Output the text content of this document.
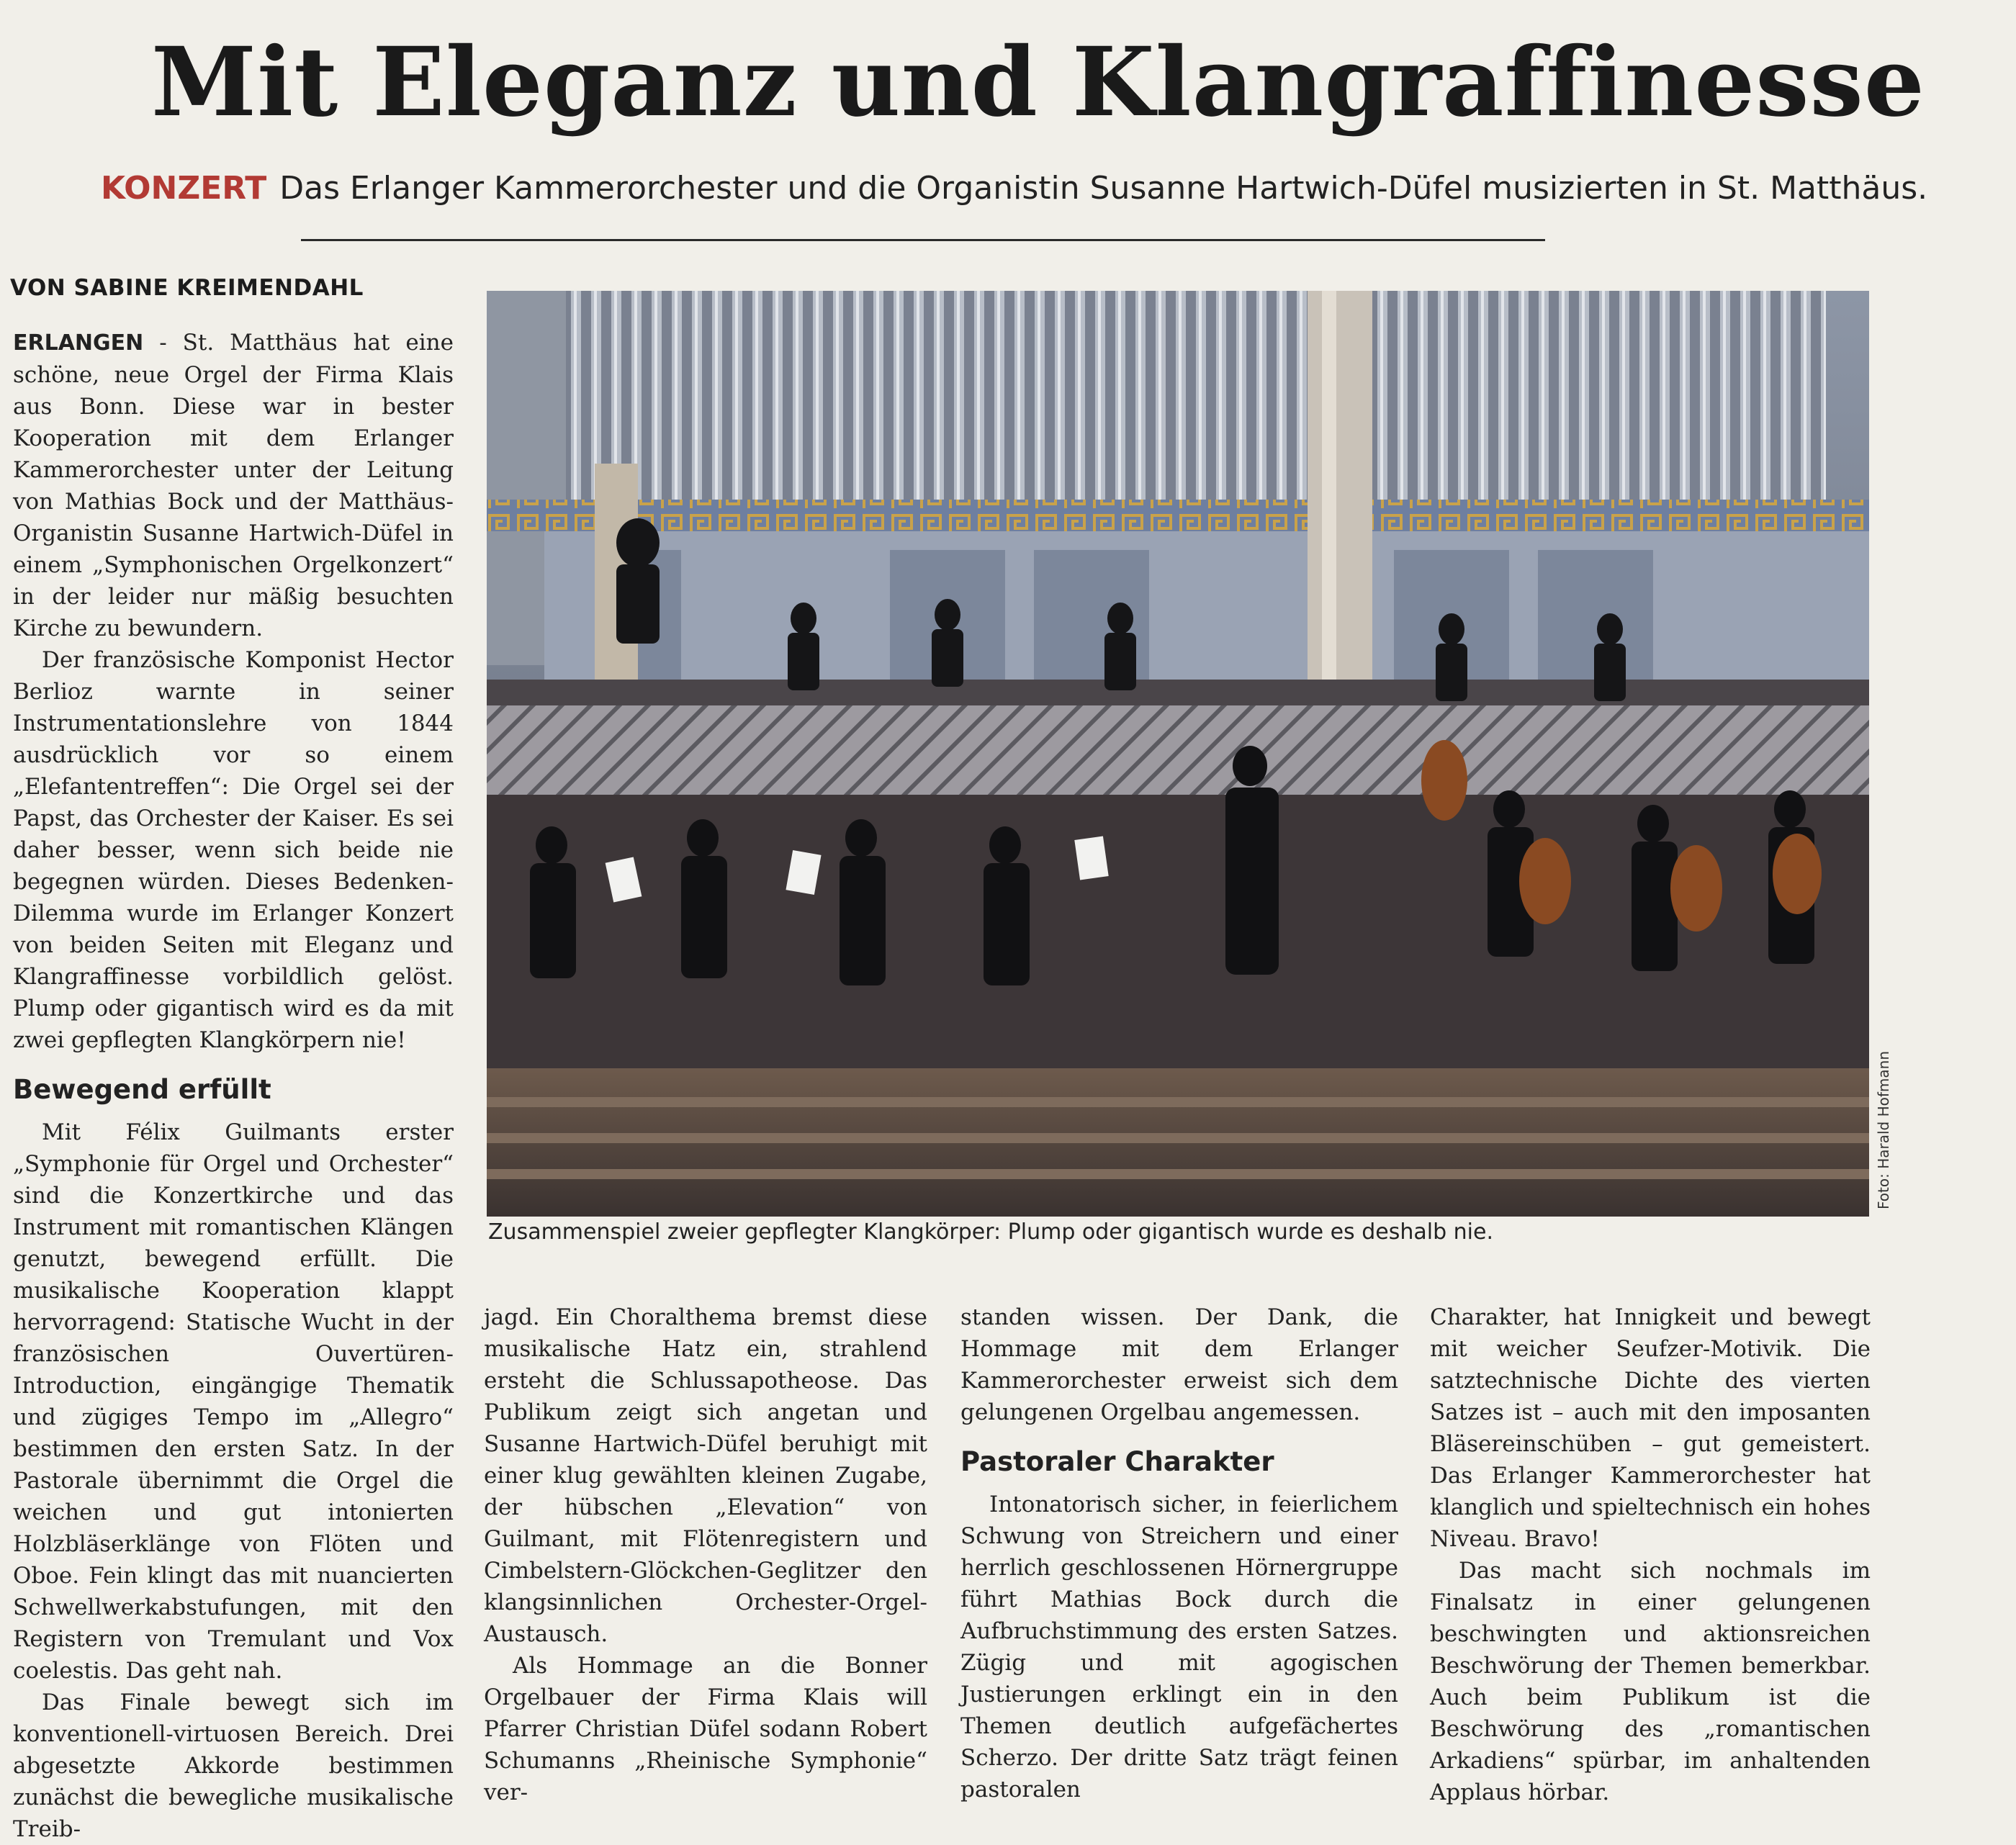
Mit Eleganz und Klangraffinesse
KONZERT Das Erlanger Kammerorchester und die Organistin Susanne Hartwich-Düfel musizierten in St. Matthäus.
VON SABINE KREIMENDAHL

ERLANGEN - St. Matthäus hat eine schöne, neue Orgel der Firma Klais aus Bonn. Diese war in bester Kooperation mit dem Erlanger Kammerorchester unter der Leitung von Mathias Bock und der Matthäus-Organistin Susanne Hartwich-Düfel in einem „Symphonischen Orgelkonzert“ in der leider nur mäßig besuchten Kirche zu bewundern.

Der französische Komponist Hector Berlioz warnte in seiner Instrumentationslehre von 1844 ausdrücklich vor so einem „Elefantentreffen“: Die Orgel sei der Papst, das Orchester der Kaiser. Es sei daher besser, wenn sich beide nie begegnen würden. Dieses Bedenken-Dilemma wurde im Erlanger Konzert von beiden Seiten mit Eleganz und Klangraffinesse vorbildlich gelöst. Plump oder gigantisch wird es da mit zwei gepflegten Klangkörpern nie!

Bewegend erfüllt

Mit Félix Guilmants erster „Symphonie für Orgel und Orchester“ sind die Konzertkirche und das Instrument mit romantischen Klängen genutzt, bewegend erfüllt. Die musikalische Kooperation klappt hervorragend: Statische Wucht in der französischen Ouvertüren-Introduction, eingängige Thematik und zügiges Tempo im „Allegro“ bestimmen den ersten Satz. In der Pastorale übernimmt die Orgel die weichen und gut intonierten Holzbläserklänge von Flöten und Oboe. Fein klingt das mit nuancierten Schwellwerkabstufungen, mit den Registern von Tremulant und Vox coelestis. Das geht nah.

Das Finale bewegt sich im konventionell-virtuosen Bereich. Drei abgesetzte Akkorde bestimmen zunächst die bewegliche musikalische Treib-

Foto: Harald Hofmann
Zusammenspiel zweier gepflegter Klangkörper: Plump oder gigantisch wurde es deshalb nie.

jagd. Ein Choralthema bremst diese musikalische Hatz ein, strahlend ersteht die Schlussapotheose. Das Publikum zeigt sich angetan und Susanne Hartwich-Düfel beruhigt mit einer klug gewählten kleinen Zugabe, der hübschen „Elevation“ von Guilmant, mit Flötenregistern und Cimbelstern-Glöckchen-Geglitzer den klangsinnlichen Orchester-Orgel-Austausch.

Als Hommage an die Bonner Orgelbauer der Firma Klais will Pfarrer Christian Düfel sodann Robert Schumanns „Rheinische Symphonie“ ver-

standen wissen. Der Dank, die Hommage mit dem Erlanger Kammerorchester erweist sich dem gelungenen Orgelbau angemessen.

Pastoraler Charakter

Intonatorisch sicher, in feierlichem Schwung von Streichern und einer herrlich geschlossenen Hörnergruppe führt Mathias Bock durch die Aufbruchstimmung des ersten Satzes. Zügig und mit agogischen Justierungen erklingt ein in den Themen deutlich aufgefächertes Scherzo. Der dritte Satz trägt feinen pastoralen

Charakter, hat Innigkeit und bewegt mit weicher Seufzer-Motivik. Die satztechnische Dichte des vierten Satzes ist – auch mit den imposanten Bläsereinschüben – gut gemeistert. Das Erlanger Kammerorchester hat klanglich und spieltechnisch ein hohes Niveau. Bravo!

Das macht sich nochmals im Finalsatz in einer gelungenen beschwingten und aktionsreichen Beschwörung der Themen bemerkbar. Auch beim Publikum ist die Beschwörung des „romantischen Arkadiens“ spürbar, im anhaltenden Applaus hörbar.
